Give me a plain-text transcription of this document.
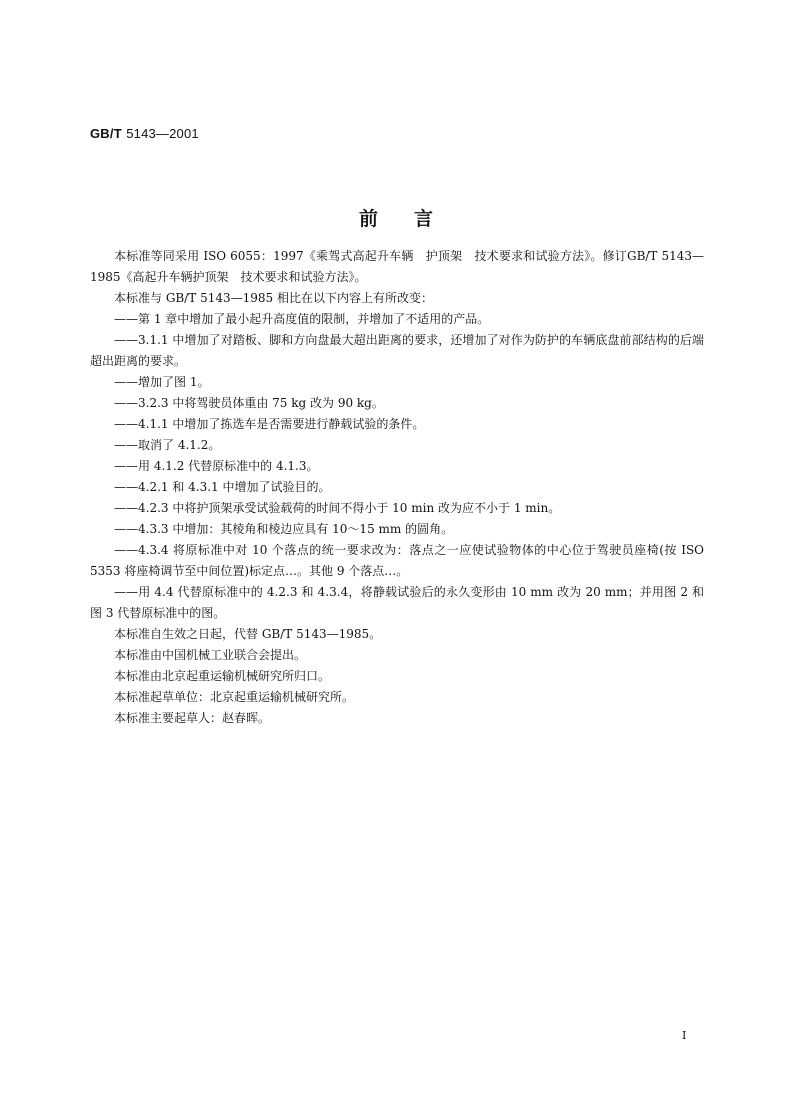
GB/T 5143—2001
前言

本标准等同采用 ISO 6055：1997《乘驾式高起升车辆　护顶架　技术要求和试验方法》。修订GB/T 5143—1985《高起升车辆护顶架　技术要求和试验方法》。

本标准与 GB/T 5143—1985 相比在以下内容上有所改变：

——第 1 章中增加了最小起升高度值的限制，并增加了不适用的产品。

——3.1.1 中增加了对踏板、脚和方向盘最大超出距离的要求，还增加了对作为防护的车辆底盘前部结构的后端超出距离的要求。

——增加了图 1。

——3.2.3 中将驾驶员体重由 75 kg 改为 90 kg。

——4.1.1 中增加了拣选车是否需要进行静载试验的条件。

——取消了 4.1.2。

——用 4.1.2 代替原标准中的 4.1.3。

——4.2.1 和 4.3.1 中增加了试验目的。

——4.2.3 中将护顶架承受试验载荷的时间不得小于 10 min 改为应不小于 1 min。

——4.3.3 中增加：其棱角和棱边应具有 10～15 mm 的圆角。

——4.3.4 将原标准中对 10 个落点的统一要求改为：落点之一应使试验物体的中心位于驾驶员座椅(按 ISO 5353 将座椅调节至中间位置)标定点…。其他 9 个落点…。

——用 4.4 代替原标准中的 4.2.3 和 4.3.4，将静载试验后的永久变形由 10 mm 改为 20 mm；并用图 2 和图 3 代替原标准中的图。

本标准自生效之日起，代替 GB/T 5143—1985。

本标准由中国机械工业联合会提出。

本标准由北京起重运输机械研究所归口。

本标准起草单位：北京起重运输机械研究所。

本标准主要起草人：赵春晖。

I
